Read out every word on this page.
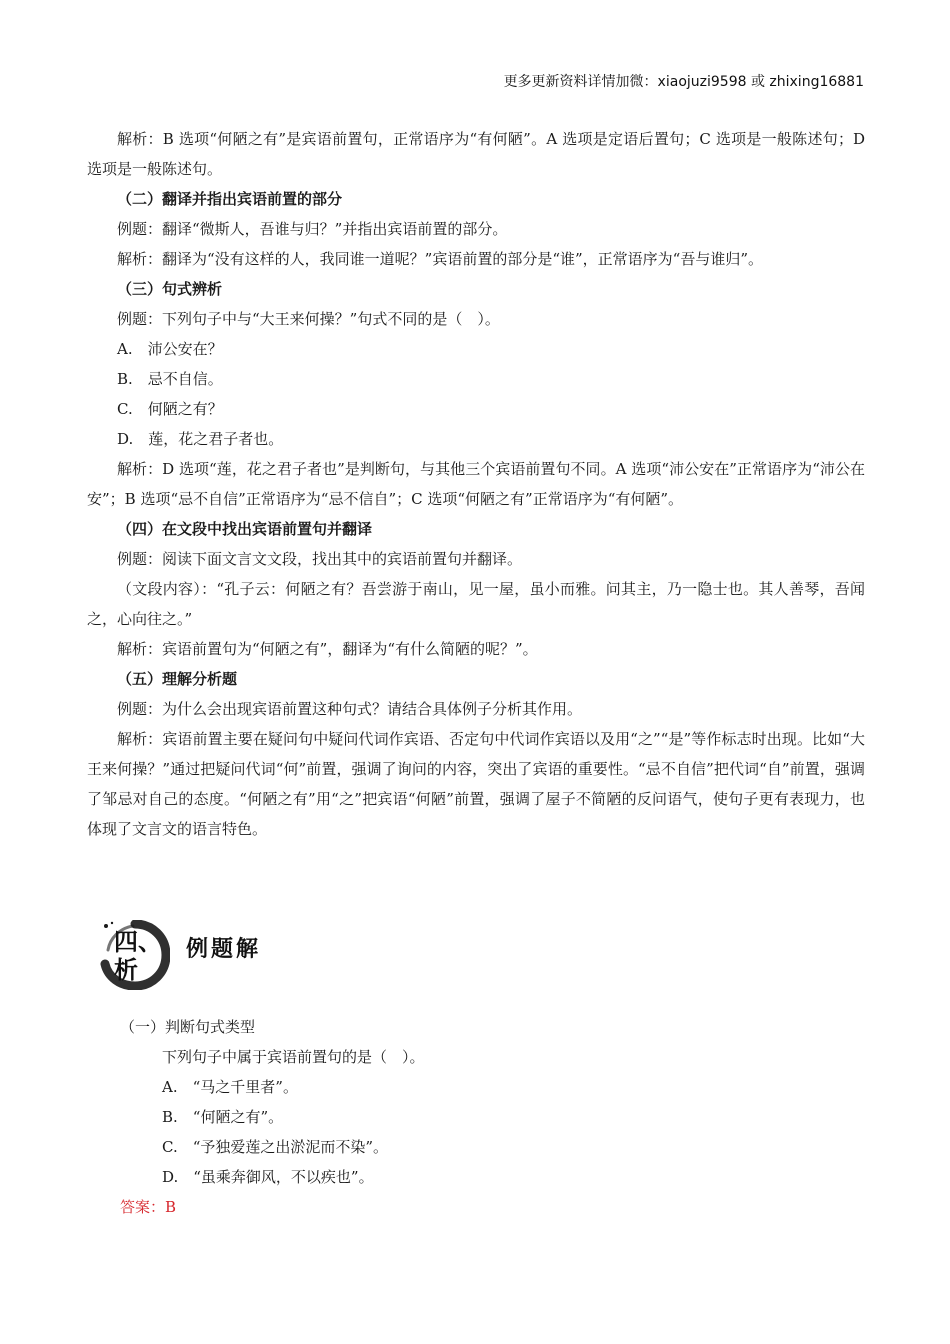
更多更新资料详情加微：xiaojuzi9598 或 zhixing16881

解析：B 选项“何陋之有”是宾语前置句，正常语序为“有何陋”。A 选项是定语后置句；C 选项是一般陈述句；D 选项是一般陈述句。

（二）翻译并指出宾语前置的部分

例题：翻译“微斯人，吾谁与归？”并指出宾语前置的部分。

解析：翻译为“没有这样的人，我同谁一道呢？”宾语前置的部分是“谁”，正常语序为“吾与谁归”。

（三）句式辨析

例题：下列句子中与“大王来何操？”句式不同的是（　）。

A.　沛公安在？

B.　忌不自信。

C.　何陋之有？

D.　莲，花之君子者也。

解析：D 选项“莲，花之君子者也”是判断句，与其他三个宾语前置句不同。A 选项“沛公安在”正常语序为“沛公在安”；B 选项“忌不自信”正常语序为“忌不信自”；C 选项“何陋之有”正常语序为“有何陋”。

（四）在文段中找出宾语前置句并翻译

例题：阅读下面文言文文段，找出其中的宾语前置句并翻译。

（文段内容）：“孔子云：何陋之有？吾尝游于南山，见一屋，虽小而雅。问其主，乃一隐士也。其人善琴，吾闻之，心向往之。”

解析：宾语前置句为“何陋之有”，翻译为“有什么简陋的呢？”。

（五）理解分析题

例题：为什么会出现宾语前置这种句式？请结合具体例子分析其作用。

解析：宾语前置主要在疑问句中疑问代词作宾语、否定句中代词作宾语以及用“之”“是”等作标志时出现。比如“大王来何操？”通过把疑问代词“何”前置，强调了询问的内容，突出了宾语的重要性。“忌不自信”把代词“自”前置，强调了邹忌对自己的态度。“何陋之有”用“之”把宾语“何陋”前置，强调了屋子不简陋的反问语气，使句子更有表现力，也体现了文言文的语言特色。

四、
析
例题解

（一）判断句式类型

下列句子中属于宾语前置句的是（　）。

A.　“马之千里者”。

B.　“何陋之有”。

C.　“予独爱莲之出淤泥而不染”。

D.　“虽乘奔御风，不以疾也”。

答案：B
